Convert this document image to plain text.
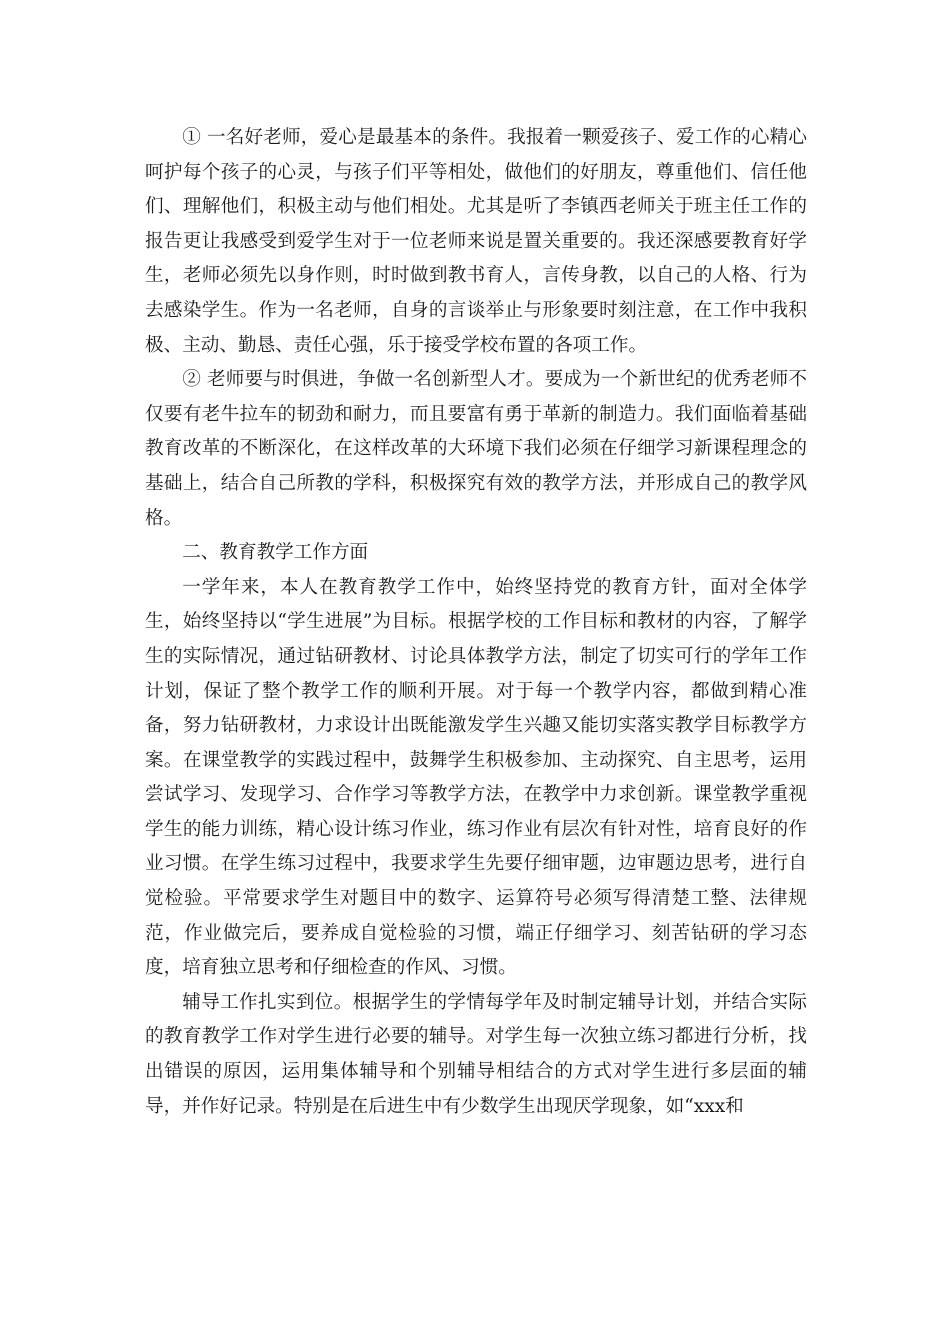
① 一名好老师，爱心是最基本的条件。我报着一颗爱孩子、爱工作的心精心呵护每个孩子的心灵，与孩子们平等相处，做他们的好朋友，尊重他们、信任他们、理解他们，积极主动与他们相处。尤其是听了李镇西老师关于班主任工作的报告更让我感受到爱学生对于一位老师来说是置关重要的。我还深感要教育好学生，老师必须先以身作则，时时做到教书育人，言传身教，以自己的人格、行为去感染学生。作为一名老师，自身的言谈举止与形象要时刻注意，在工作中我积极、主动、勤恳、责任心强，乐于接受学校布置的各项工作。

② 老师要与时俱进，争做一名创新型人才。要成为一个新世纪的优秀老师不仅要有老牛拉车的韧劲和耐力，而且要富有勇于革新的制造力。我们面临着基础教育改革的不断深化，在这样改革的大环境下我们必须在仔细学习新课程理念的基础上，结合自己所教的学科，积极探究有效的教学方法，并形成自己的教学风格。

二、教育教学工作方面

一学年来，本人在教育教学工作中，始终坚持党的教育方针，面对全体学生，始终坚持以“学生进展”为目标。根据学校的工作目标和教材的内容，了解学生的实际情况，通过钻研教材、讨论具体教学方法，制定了切实可行的学年工作计划，保证了整个教学工作的顺利开展。对于每一个教学内容，都做到精心准备，努力钻研教材，力求设计出既能激发学生兴趣又能切实落实教学目标教学方案。在课堂教学的实践过程中，鼓舞学生积极参加、主动探究、自主思考，运用尝试学习、发现学习、合作学习等教学方法，在教学中力求创新。课堂教学重视学生的能力训练，精心设计练习作业，练习作业有层次有针对性，培育良好的作业习惯。在学生练习过程中，我要求学生先要仔细审题，边审题边思考，进行自觉检验。平常要求学生对题目中的数字、运算符号必须写得清楚工整、法律规范，作业做完后，要养成自觉检验的习惯，端正仔细学习、刻苦钻研的学习态度，培育独立思考和仔细检查的作风、习惯。

辅导工作扎实到位。根据学生的学情每学年及时制定辅导计划，并结合实际的教育教学工作对学生进行必要的辅导。对学生每一次独立练习都进行分析，找出错误的原因，运用集体辅导和个别辅导相结合的方式对学生进行多层面的辅导，并作好记录。特别是在后进生中有少数学生出现厌学现象，如“xxx和
